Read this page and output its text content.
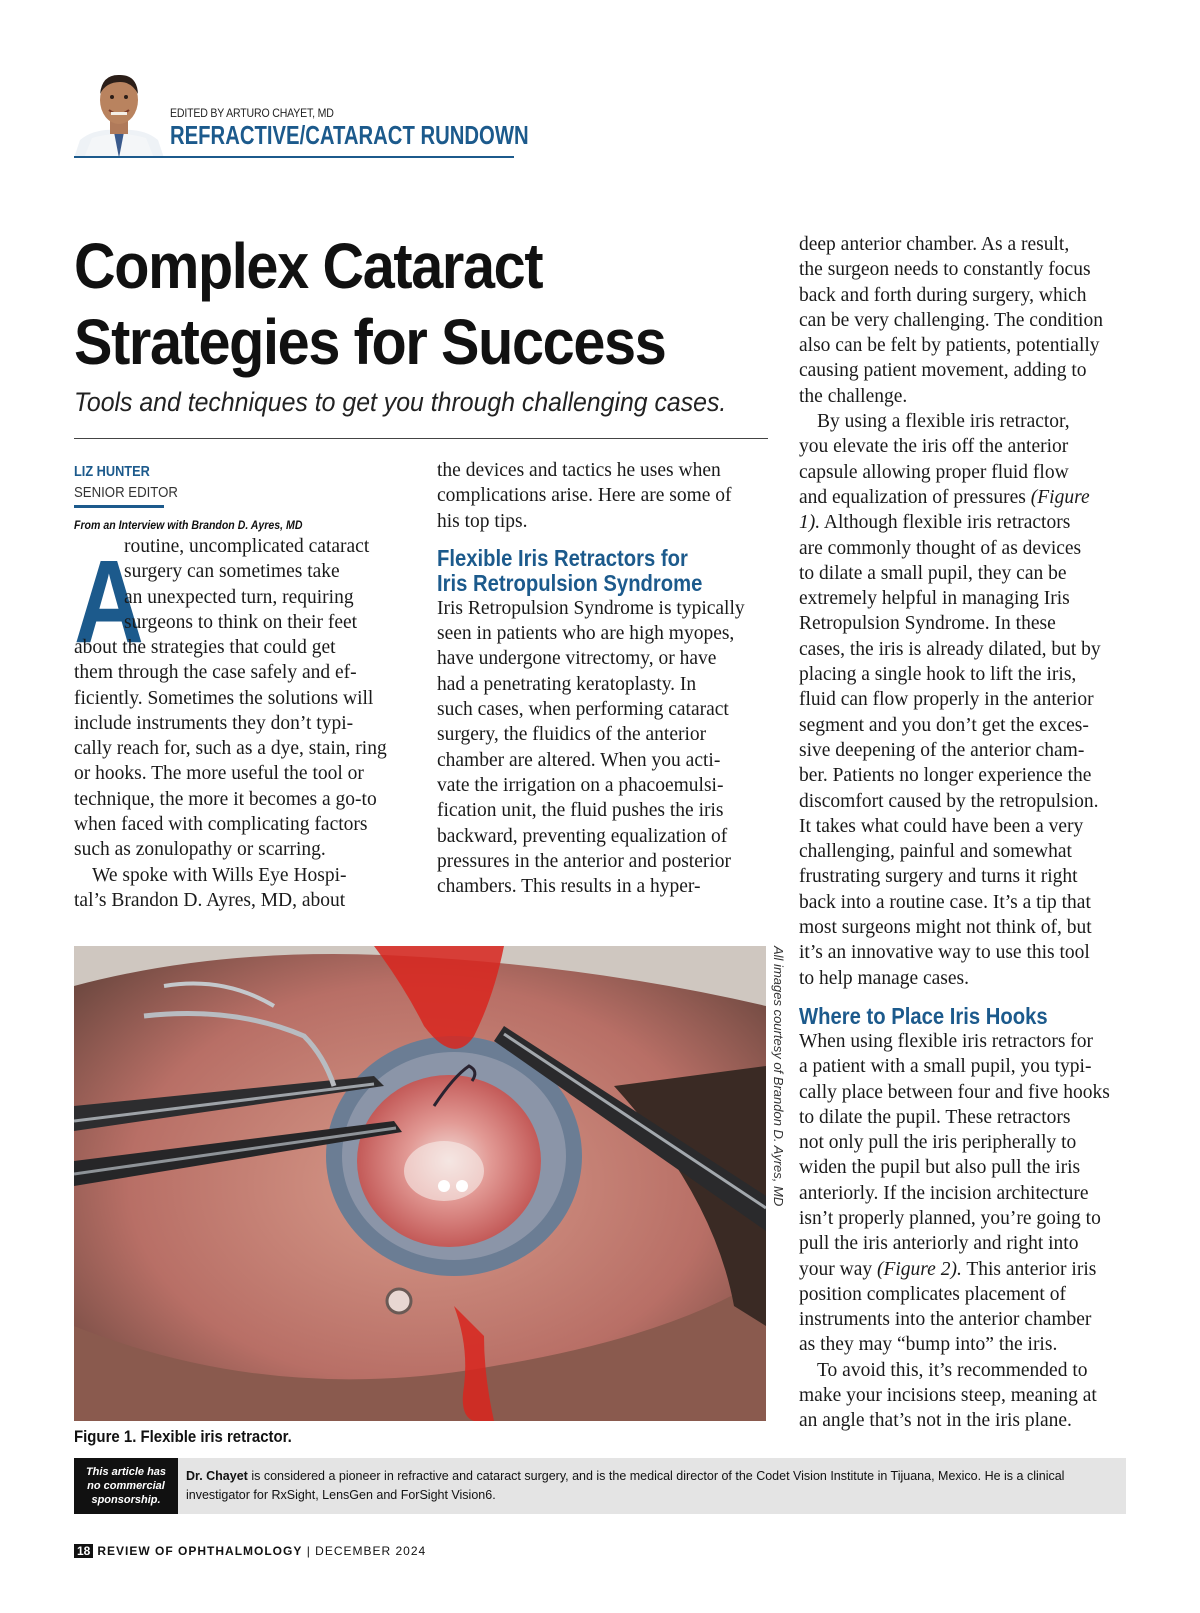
EDITED BY ARTURO CHAYET, MD
REFRACTIVE/CATARACT RUNDOWN
Complex Cataract
Strategies for Success
Tools and techniques to get you through challenging cases.
LIZ HUNTER
SENIOR EDITOR
From an Interview with Brandon D. Ayres, MD
A
routine, uncomplicated cataract
surgery can sometimes take
an unexpected turn, requiring
surgeons to think on their feet
about the strategies that could get
them through the case safely and ef-
ficiently. Sometimes the solutions will
include instruments they don’t typi-
cally reach for, such as a dye, stain, ring
or hooks. The more useful the tool or
technique, the more it becomes a go-to
when faced with complicating factors
such as zonulopathy or scarring.
We spoke with Wills Eye Hospi-
tal’s Brandon D. Ayres, MD, about
the devices and tactics he uses when
complications arise. Here are some of
his top tips.
Flexible Iris Retractors for
Iris Retropulsion Syndrome
Iris Retropulsion Syndrome is typically
seen in patients who are high myopes,
have undergone vitrectomy, or have
had a penetrating keratoplasty. In
such cases, when performing cataract
surgery, the fluidics of the anterior
chamber are altered. When you acti-
vate the irrigation on a phacoemulsi-
fication unit, the fluid pushes the iris
backward, preventing equalization of
pressures in the anterior and posterior
chambers. This results in a hyper-
deep anterior chamber. As a result,
the surgeon needs to constantly focus
back and forth during surgery, which
can be very challenging. The condition
also can be felt by patients, potentially
causing patient movement, adding to
the challenge.
By using a flexible iris retractor,
you elevate the iris off the anterior
capsule allowing proper fluid flow
and equalization of pressures (Figure
1). Although flexible iris retractors
are commonly thought of as devices
to dilate a small pupil, they can be
extremely helpful in managing Iris
Retropulsion Syndrome. In these
cases, the iris is already dilated, but by
placing a single hook to lift the iris,
fluid can flow properly in the anterior
segment and you don’t get the exces-
sive deepening of the anterior cham-
ber. Patients no longer experience the
discomfort caused by the retropulsion.
It takes what could have been a very
challenging, painful and somewhat
frustrating surgery and turns it right
back into a routine case. It’s a tip that
most surgeons might not think of, but
it’s an innovative way to use this tool
to help manage cases.
Where to Place Iris Hooks
When using flexible iris retractors for
a patient with a small pupil, you typi-
cally place between four and five hooks
to dilate the pupil. These retractors
not only pull the iris peripherally to
widen the pupil but also pull the iris
anteriorly. If the incision architecture
isn’t properly planned, you’re going to
pull the iris anteriorly and right into
your way (Figure 2). This anterior iris
position complicates placement of
instruments into the anterior chamber
as they may “bump into” the iris.
To avoid this, it’s recommended to
make your incisions steep, meaning at
an angle that’s not in the iris plane.
All images courtesy of Brandon D. Ayres, MD
Figure 1. Flexible iris retractor.
This article has
no commercial
sponsorship.
Dr. Chayet is considered a pioneer in refractive and cataract surgery, and is the medical director of the Codet Vision Institute in Tijuana, Mexico. He is a clinical investigator for RxSight, LensGen and ForSight Vision6.
18 REVIEW OF OPHTHALMOLOGY | DECEMBER 2024
